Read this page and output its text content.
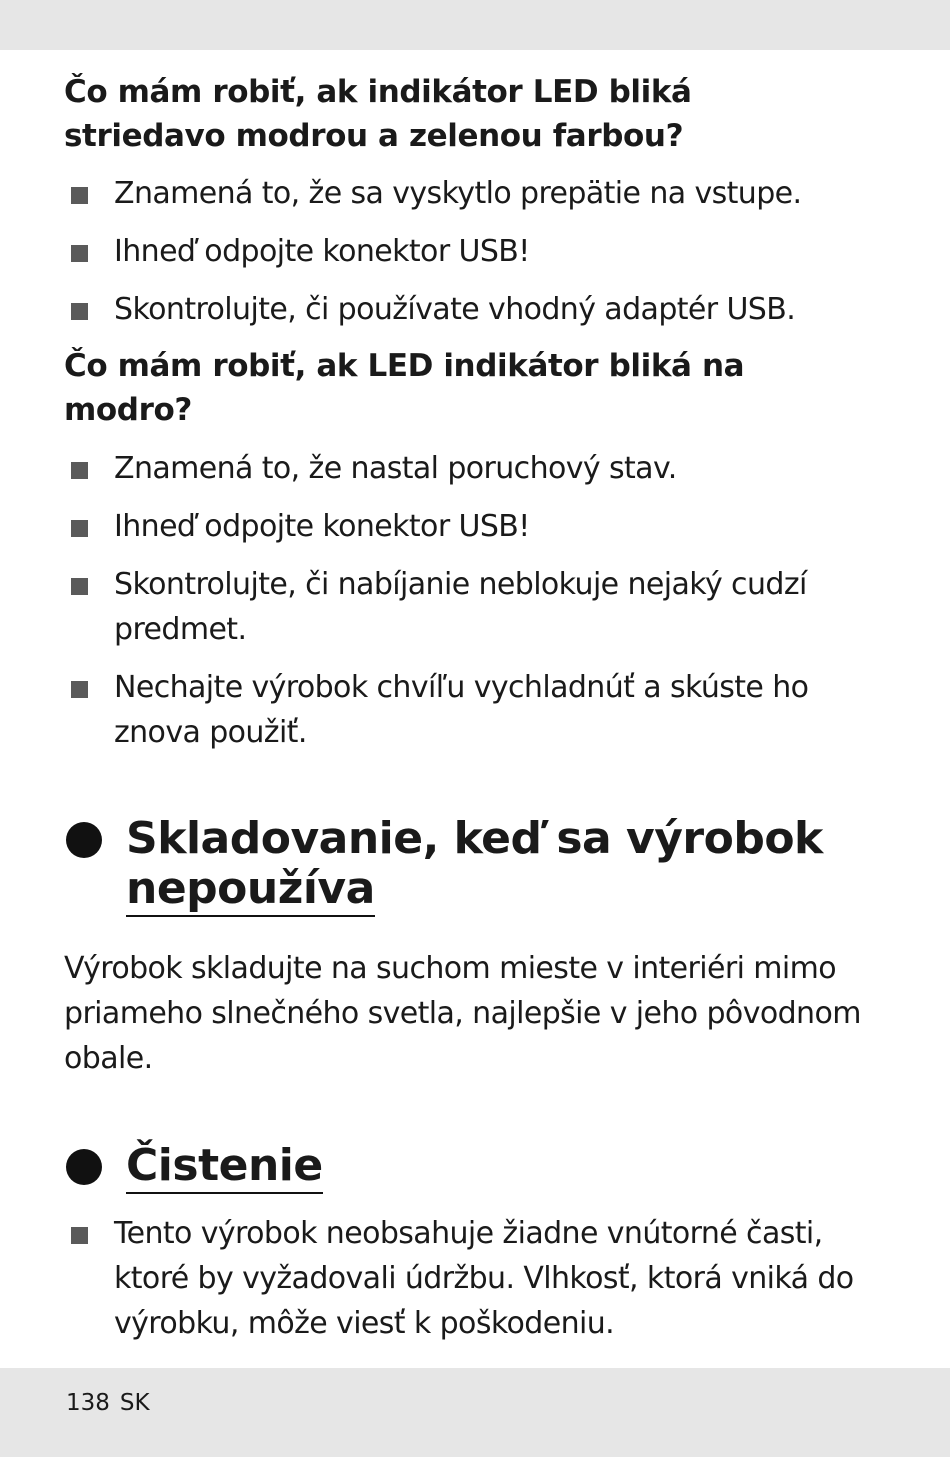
Čo mám robiť, ak indikátor LED bliká
striedavo modrou a zelenou farbou?
Znamená to, že sa vyskytlo prepätie na vstupe.
Ihneď odpojte konektor USB!
Skontrolujte, či používate vhodný adaptér USB.
Čo mám robiť, ak LED indikátor bliká na
modro?
Znamená to, že nastal poruchový stav.
Ihneď odpojte konektor USB!
Skontrolujte, či nabíjanie neblokuje nejaký cudzí predmet.
Nechajte výrobok chvíľu vychladnúť a skúste ho znova použiť.
Skladovanie, keď sa výrobok
nepoužíva

Výrobok skladujte na suchom mieste v interiéri mimo priameho slnečného svetla, najlepšie v jeho pôvodnom obale.

Čistenie
Tento výrobok neobsahuje žiadne vnútorné časti, ktoré by vyžadovali údržbu. Vlhkosť, ktorá vniká do výrobku, môže viesť k poškodeniu.
138 SK
